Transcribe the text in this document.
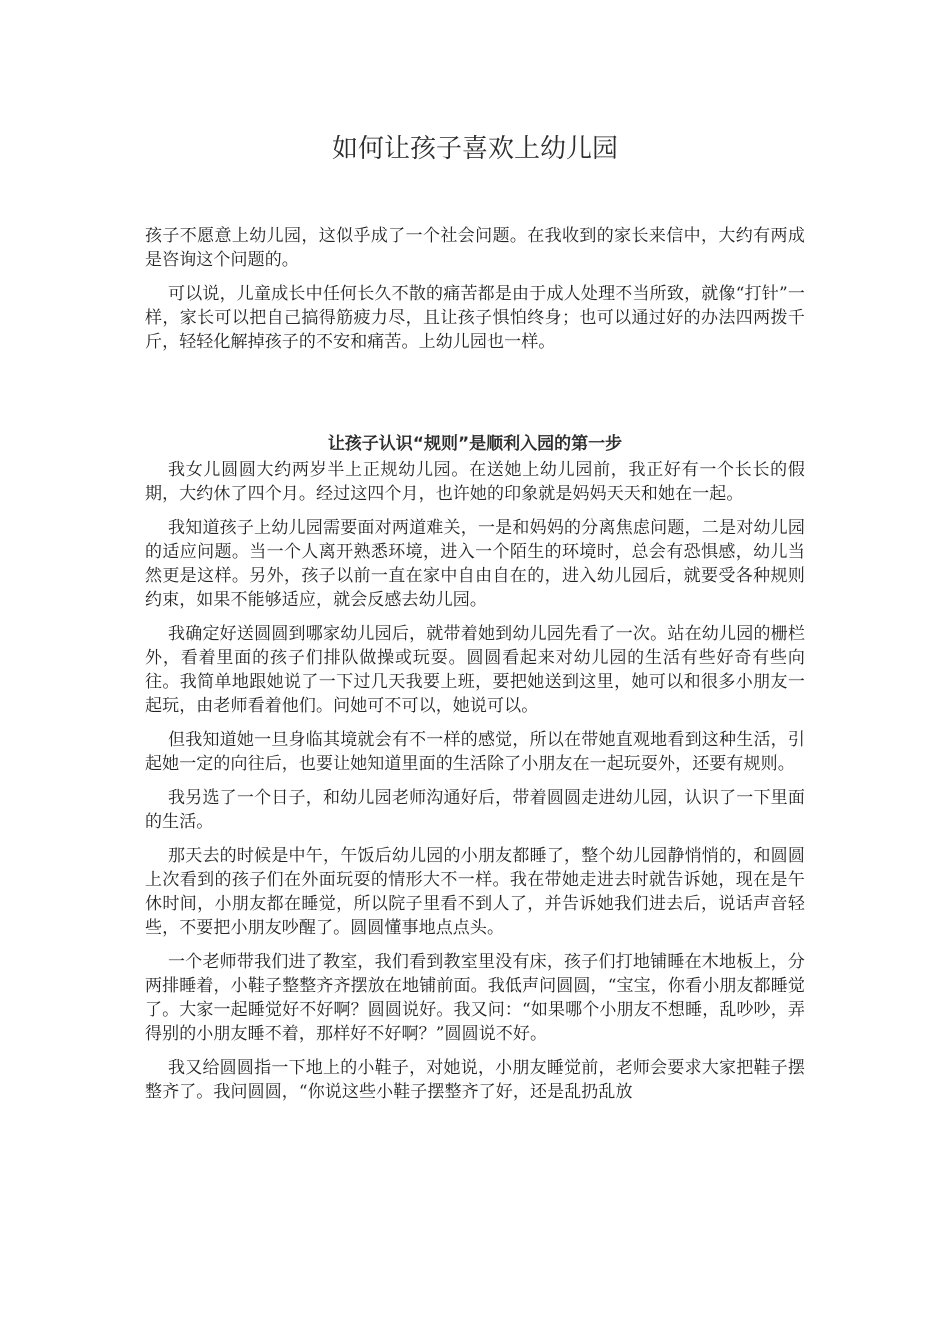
如何让孩子喜欢上幼儿园

孩子不愿意上幼儿园，这似乎成了一个社会问题。在我收到的家长来信中，大约有两成是咨询这个问题的。

可以说，儿童成长中任何长久不散的痛苦都是由于成人处理不当所致，就像“打针”一样，家长可以把自己搞得筋疲力尽，且让孩子惧怕终身；也可以通过好的办法四两拨千斤，轻轻化解掉孩子的不安和痛苦。上幼儿园也一样。

让孩子认识“规则”是顺利入园的第一步

我女儿圆圆大约两岁半上正规幼儿园。在送她上幼儿园前，我正好有一个长长的假期，大约休了四个月。经过这四个月，也许她的印象就是妈妈天天和她在一起。

我知道孩子上幼儿园需要面对两道难关，一是和妈妈的分离焦虑问题，二是对幼儿园的适应问题。当一个人离开熟悉环境，进入一个陌生的环境时，总会有恐惧感，幼儿当然更是这样。另外，孩子以前一直在家中自由自在的，进入幼儿园后，就要受各种规则约束，如果不能够适应，就会反感去幼儿园。

我确定好送圆圆到哪家幼儿园后，就带着她到幼儿园先看了一次。站在幼儿园的栅栏外，看着里面的孩子们排队做操或玩耍。圆圆看起来对幼儿园的生活有些好奇有些向往。我简单地跟她说了一下过几天我要上班，要把她送到这里，她可以和很多小朋友一起玩，由老师看着他们。问她可不可以，她说可以。

但我知道她一旦身临其境就会有不一样的感觉，所以在带她直观地看到这种生活，引起她一定的向往后，也要让她知道里面的生活除了小朋友在一起玩耍外，还要有规则。

我另选了一个日子，和幼儿园老师沟通好后，带着圆圆走进幼儿园，认识了一下里面的生活。

那天去的时候是中午，午饭后幼儿园的小朋友都睡了，整个幼儿园静悄悄的，和圆圆上次看到的孩子们在外面玩耍的情形大不一样。我在带她走进去时就告诉她，现在是午休时间，小朋友都在睡觉，所以院子里看不到人了，并告诉她我们进去后，说话声音轻些，不要把小朋友吵醒了。圆圆懂事地点点头。

一个老师带我们进了教室，我们看到教室里没有床，孩子们打地铺睡在木地板上，分两排睡着，小鞋子整整齐齐摆放在地铺前面。我低声问圆圆，“宝宝，你看小朋友都睡觉了。大家一起睡觉好不好啊？圆圆说好。我又问：“如果哪个小朋友不想睡，乱吵吵，弄得别的小朋友睡不着，那样好不好啊？”圆圆说不好。

我又给圆圆指一下地上的小鞋子，对她说，小朋友睡觉前，老师会要求大家把鞋子摆整齐了。我问圆圆，“你说这些小鞋子摆整齐了好，还是乱扔乱放
